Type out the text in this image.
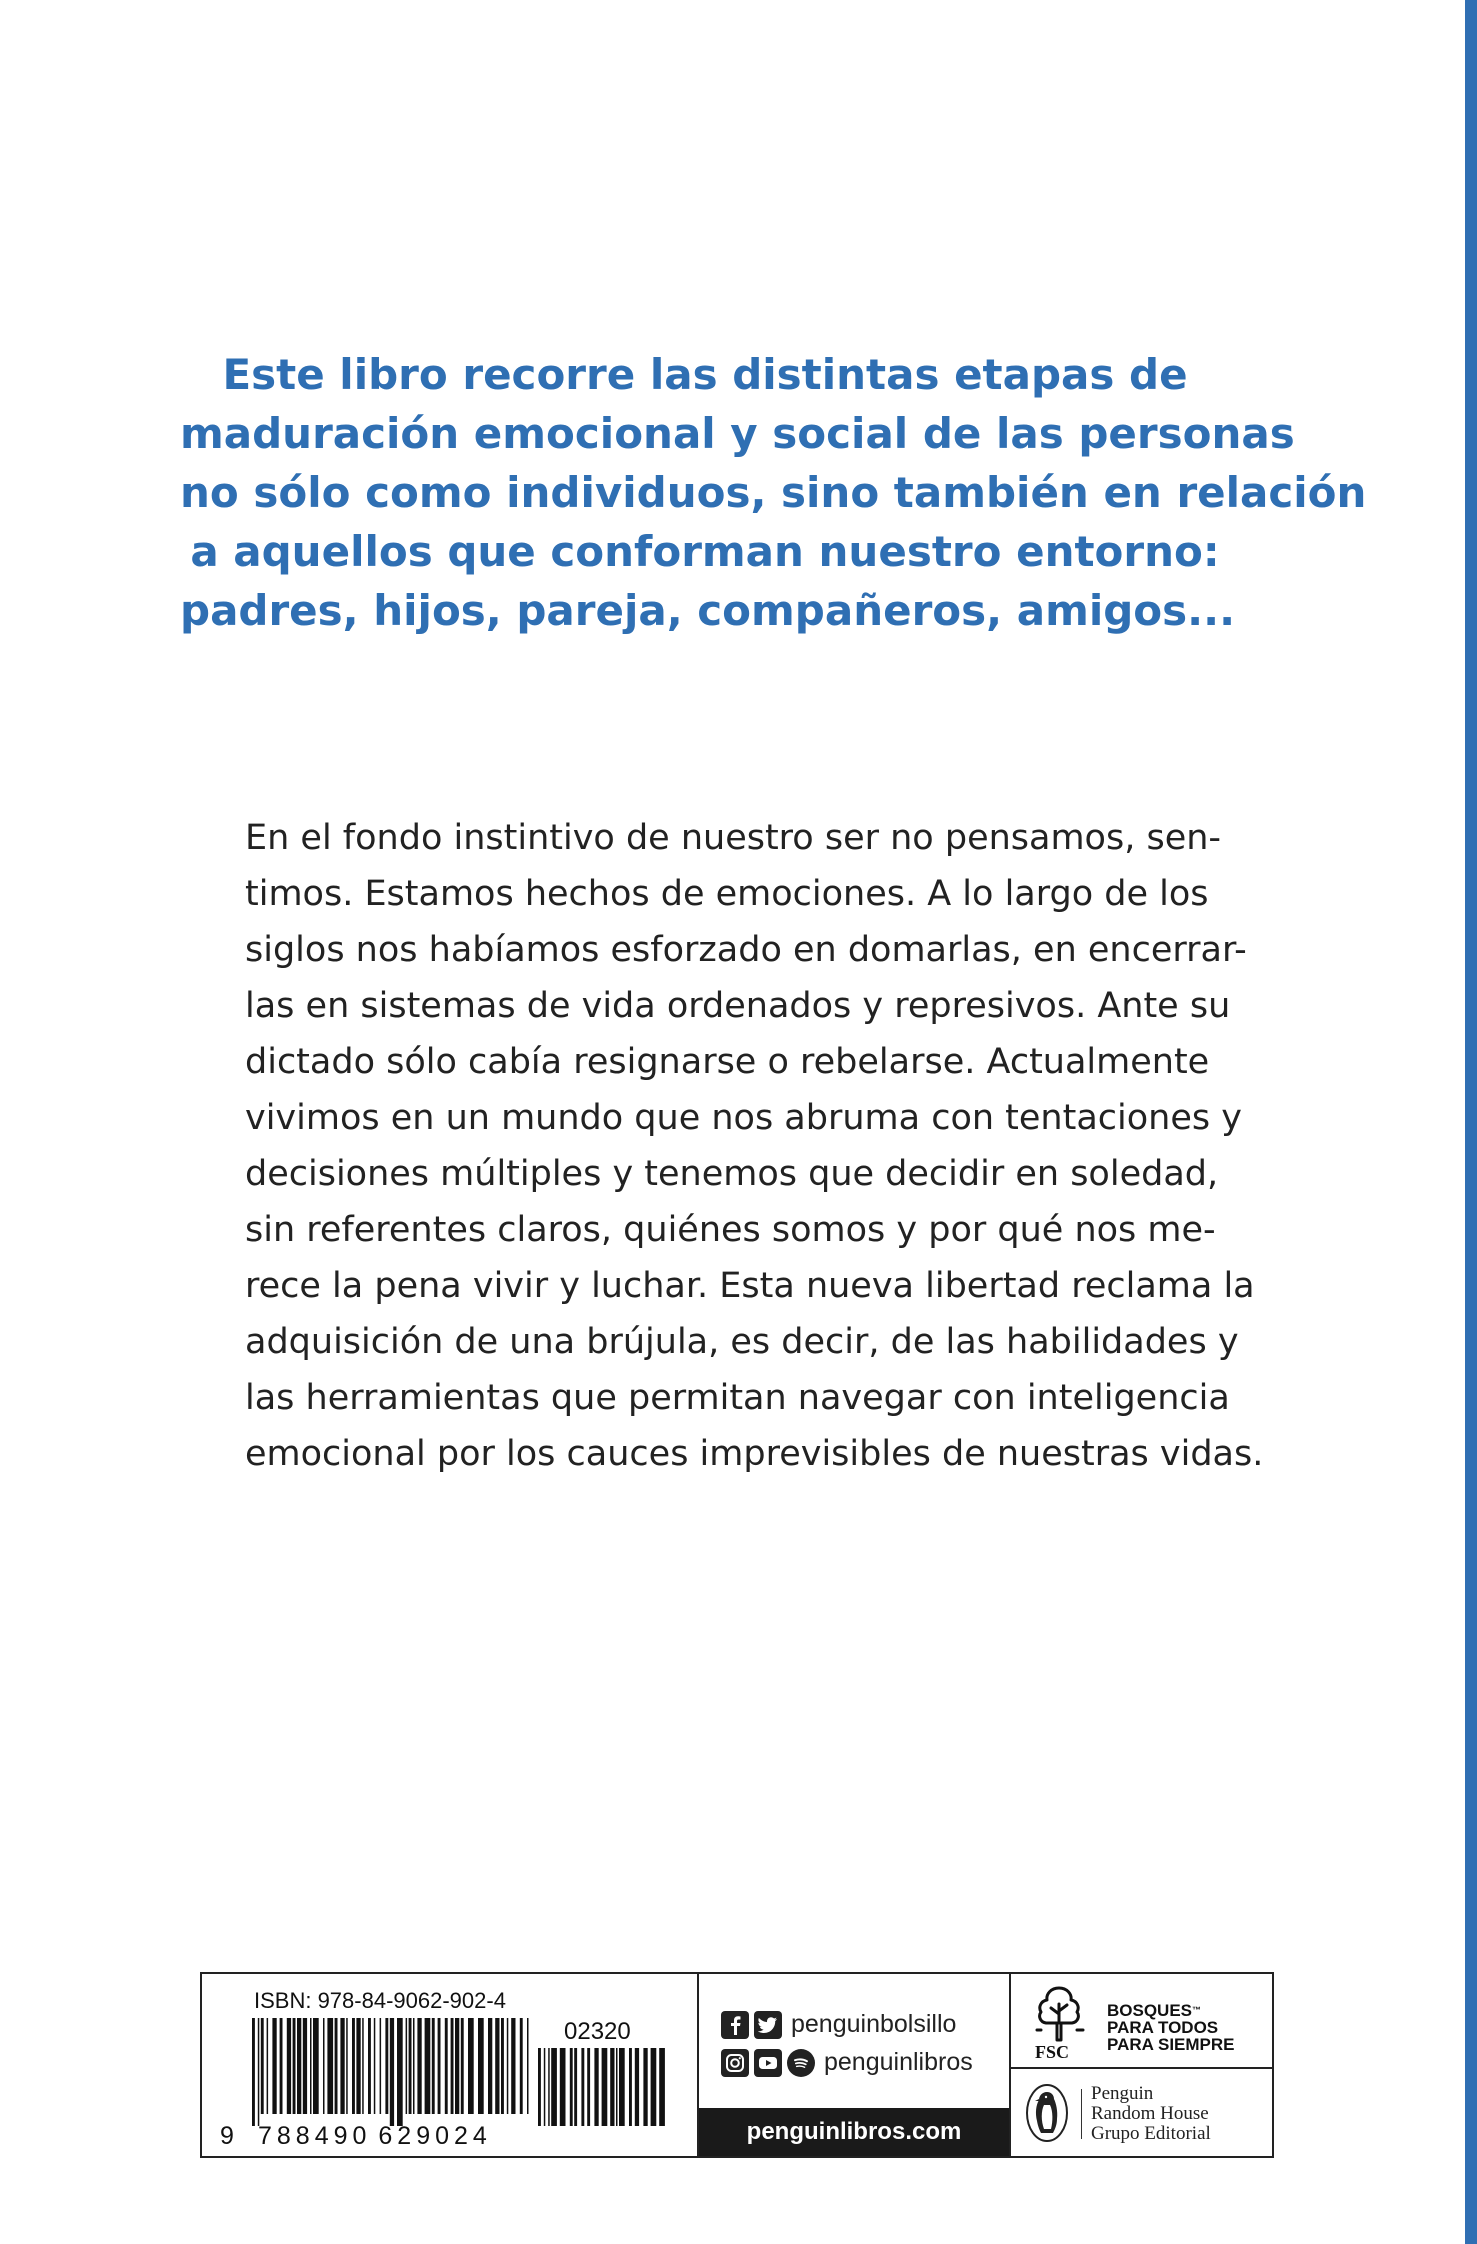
Este libro recorre las distintas etapas de
maduración emocional y social de las personas
no sólo como individuos, sino también en relación
a aquellos que conforman nuestro entorno:
padres, hijos, pareja, compañeros, amigos...

En el fondo instintivo de nuestro ser no pensamos, sen-
timos. Estamos hechos de emociones. A lo largo de los
siglos nos habíamos esforzado en domarlas, en encerrar-
las en sistemas de vida ordenados y represivos. Ante su
dictado sólo cabía resignarse o rebelarse. Actualmente
vivimos en un mundo que nos abruma con tentaciones y
decisiones múltiples y tenemos que decidir en soledad,
sin referentes claros, quiénes somos y por qué nos me-
rece la pena vivir y luchar. Esta nueva libertad reclama la
adquisición de una brújula, es decir, de las habilidades y
las herramientas que permitan navegar con inteligencia
emocional por los cauces imprevisibles de nuestras vidas.

ISBN: 978-84-9062-902-4
02320
9 788490 629024
penguinbolsillo
penguinlibros
penguinlibros.com
FSC
BOSQUES™
PARA TODOS
PARA SIEMPRE
Penguin
Random House
Grupo Editorial
